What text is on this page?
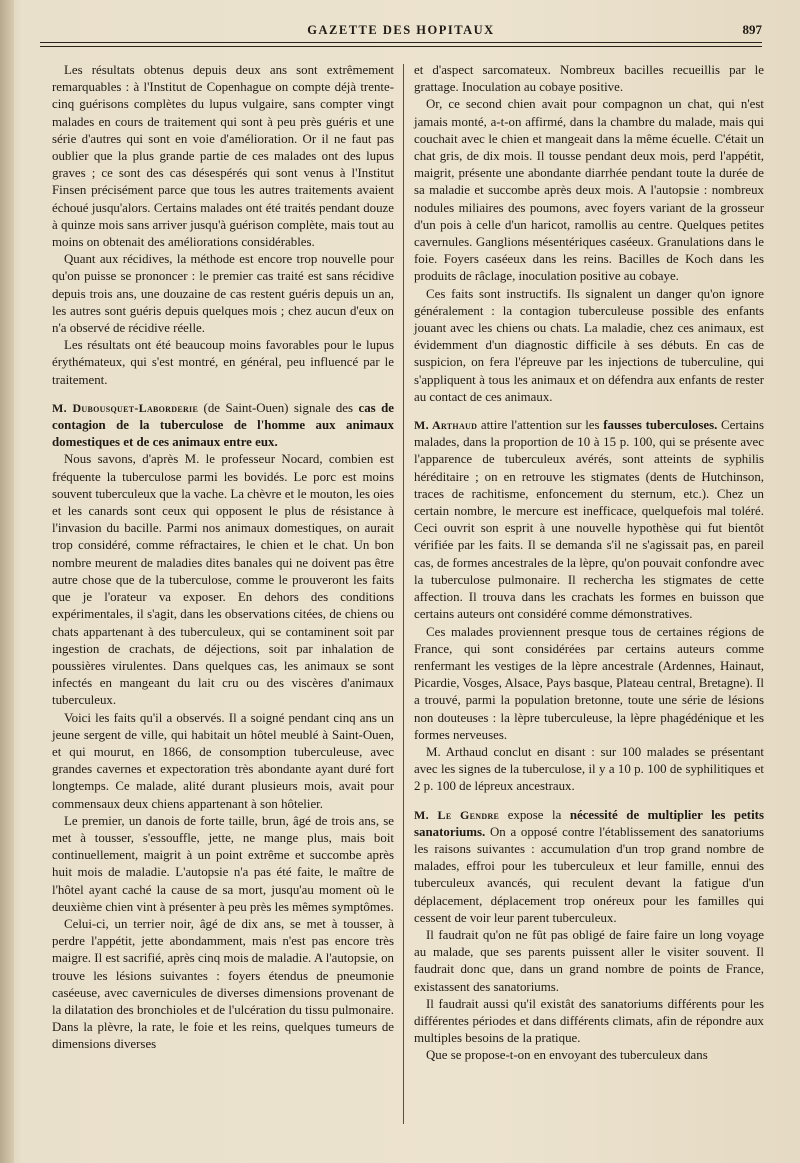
GAZETTE DES HOPITAUX	897

Les résultats obtenus depuis deux ans sont extrêmement remarquables : à l'Institut de Copenhague on compte déjà trente-cinq guérisons complètes du lupus vulgaire, sans compter vingt malades en cours de traitement qui sont à peu près guéris et une série d'autres qui sont en voie d'amélioration. Or il ne faut pas oublier que la plus grande partie de ces malades ont des lupus graves ; ce sont des cas désespérés qui sont venus à l'Institut Finsen précisément parce que tous les autres traitements avaient échoué jusqu'alors. Certains malades ont été traités pendant douze à quinze mois sans arriver jusqu'à guérison complète, mais tout au moins on obtenait des améliorations considérables.

Quant aux récidives, la méthode est encore trop nouvelle pour qu'on puisse se prononcer : le premier cas traité est sans récidive depuis trois ans, une douzaine de cas restent guéris depuis un an, les autres sont guéris depuis quelques mois ; chez aucun d'eux on n'a observé de récidive réelle.

Les résultats ont été beaucoup moins favorables pour le lupus érythémateux, qui s'est montré, en général, peu influencé par le traitement.

M. Dubousquet-Laborderie (de Saint-Ouen) signale des cas de contagion de la tuberculose de l'homme aux animaux domestiques et de ces animaux entre eux.

Nous savons, d'après M. le professeur Nocard, combien est fréquente la tuberculose parmi les bovidés. Le porc est moins souvent tuberculeux que la vache. La chèvre et le mouton, les oies et les canards sont ceux qui opposent le plus de résistance à l'invasion du bacille. Parmi nos animaux domestiques, on aurait trop considéré, comme réfractaires, le chien et le chat. Un bon nombre meurent de maladies dites banales qui ne doivent pas être autre chose que de la tuberculose, comme le prouveront les faits que je l'orateur va exposer. En dehors des conditions expérimentales, il s'agit, dans les observations citées, de chiens ou chats appartenant à des tuberculeux, qui se contaminent soit par ingestion de crachats, de déjections, soit par inhalation de poussières virulentes. Dans quelques cas, les animaux se sont infectés en mangeant du lait cru ou des viscères d'animaux tuberculeux.

Voici les faits qu'il a observés. Il a soigné pendant cinq ans un jeune sergent de ville, qui habitait un hôtel meublé à Saint-Ouen, et qui mourut, en 1866, de consomption tuberculeuse, avec grandes cavernes et expectoration très abondante ayant duré fort longtemps. Ce malade, alité durant plusieurs mois, avait pour commensaux deux chiens appartenant à son hôtelier.

Le premier, un danois de forte taille, brun, âgé de trois ans, se met à tousser, s'essouffle, jette, ne mange plus, mais boit continuellement, maigrit à un point extrême et succombe après huit mois de maladie. L'autopsie n'a pas été faite, le maître de l'hôtel ayant caché la cause de sa mort, jusqu'au moment où le deuxième chien vint à présenter à peu près les mêmes symptômes.

Celui-ci, un terrier noir, âgé de dix ans, se met à tousser, à perdre l'appétit, jette abondamment, mais n'est pas encore très maigre. Il est sacrifié, après cinq mois de maladie. A l'autopsie, on trouve les lésions suivantes : foyers étendus de pneumonie caséeuse, avec cavernicules de diverses dimensions provenant de la dilatation des bronchioles et de l'ulcération du tissu pulmonaire. Dans la plèvre, la rate, le foie et les reins, quelques tumeurs de dimensions diverses

et d'aspect sarcomateux. Nombreux bacilles recueillis par le grattage. Inoculation au cobaye positive.

Or, ce second chien avait pour compagnon un chat, qui n'est jamais monté, a-t-on affirmé, dans la chambre du malade, mais qui couchait avec le chien et mangeait dans la même écuelle. C'était un chat gris, de dix mois. Il tousse pendant deux mois, perd l'appétit, maigrit, présente une abondante diarrhée pendant toute la durée de sa maladie et succombe après deux mois. A l'autopsie : nombreux nodules miliaires des poumons, avec foyers variant de la grosseur d'un pois à celle d'un haricot, ramollis au centre. Quelques petites cavernules. Ganglions mésentériques caséeux. Granulations dans le foie. Foyers caséeux dans les reins. Bacilles de Koch dans les produits de râclage, inoculation positive au cobaye.

Ces faits sont instructifs. Ils signalent un danger qu'on ignore généralement : la contagion tuberculeuse possible des enfants jouant avec les chiens ou chats. La maladie, chez ces animaux, est évidemment d'un diagnostic difficile à ses débuts. En cas de suspicion, on fera l'épreuve par les injections de tuberculine, qui s'appliquent à tous les animaux et on défendra aux enfants de rester au contact de ces animaux.

M. Arthaud attire l'attention sur les fausses tuberculoses. Certains malades, dans la proportion de 10 à 15 p. 100, qui se présente avec l'apparence de tuberculeux avérés, sont atteints de syphilis héréditaire ; on en retrouve les stigmates (dents de Hutchinson, traces de rachitisme, enfoncement du sternum, etc.). Chez un certain nombre, le mercure est inefficace, quelquefois mal toléré. Ceci ouvrit son esprit à une nouvelle hypothèse qui fut bientôt vérifiée par les faits. Il se demanda s'il ne s'agissait pas, en pareil cas, de formes ancestrales de la lèpre, qu'on pouvait confondre avec la tuberculose pulmonaire. Il rechercha les stigmates de cette affection. Il trouva dans les crachats les formes en buisson que certains auteurs ont considéré comme démonstratives.

Ces malades proviennent presque tous de certaines régions de France, qui sont considérées par certains auteurs comme renfermant les vestiges de la lèpre ancestrale (Ardennes, Hainaut, Picardie, Vosges, Alsace, Pays basque, Plateau central, Bretagne). Il a trouvé, parmi la population bretonne, toute une série de lésions non douteuses : la lèpre tuberculeuse, la lèpre phagédénique et les formes nerveuses.

M. Arthaud conclut en disant : sur 100 malades se présentant avec les signes de la tuberculose, il y a 10 p. 100 de syphilitiques et 2 p. 100 de lépreux ancestraux.

M. Le Gendre expose la nécessité de multiplier les petits sanatoriums. On a opposé contre l'établissement des sanatoriums les raisons suivantes : accumulation d'un trop grand nombre de malades, effroi pour les tuberculeux et leur famille, ennui des tuberculeux avancés, qui reculent devant la fatigue d'un déplacement, déplacement trop onéreux pour les familles qui cessent de voir leur parent tuberculeux.

Il faudrait qu'on ne fût pas obligé de faire faire un long voyage au malade, que ses parents puissent aller le visiter souvent. Il faudrait donc que, dans un grand nombre de points de France, existassent des sanatoriums.

Il faudrait aussi qu'il existât des sanatoriums différents pour les différentes périodes et dans différents climats, afin de répondre aux multiples besoins de la pratique.

Que se propose-t-on en envoyant des tuberculeux dans
